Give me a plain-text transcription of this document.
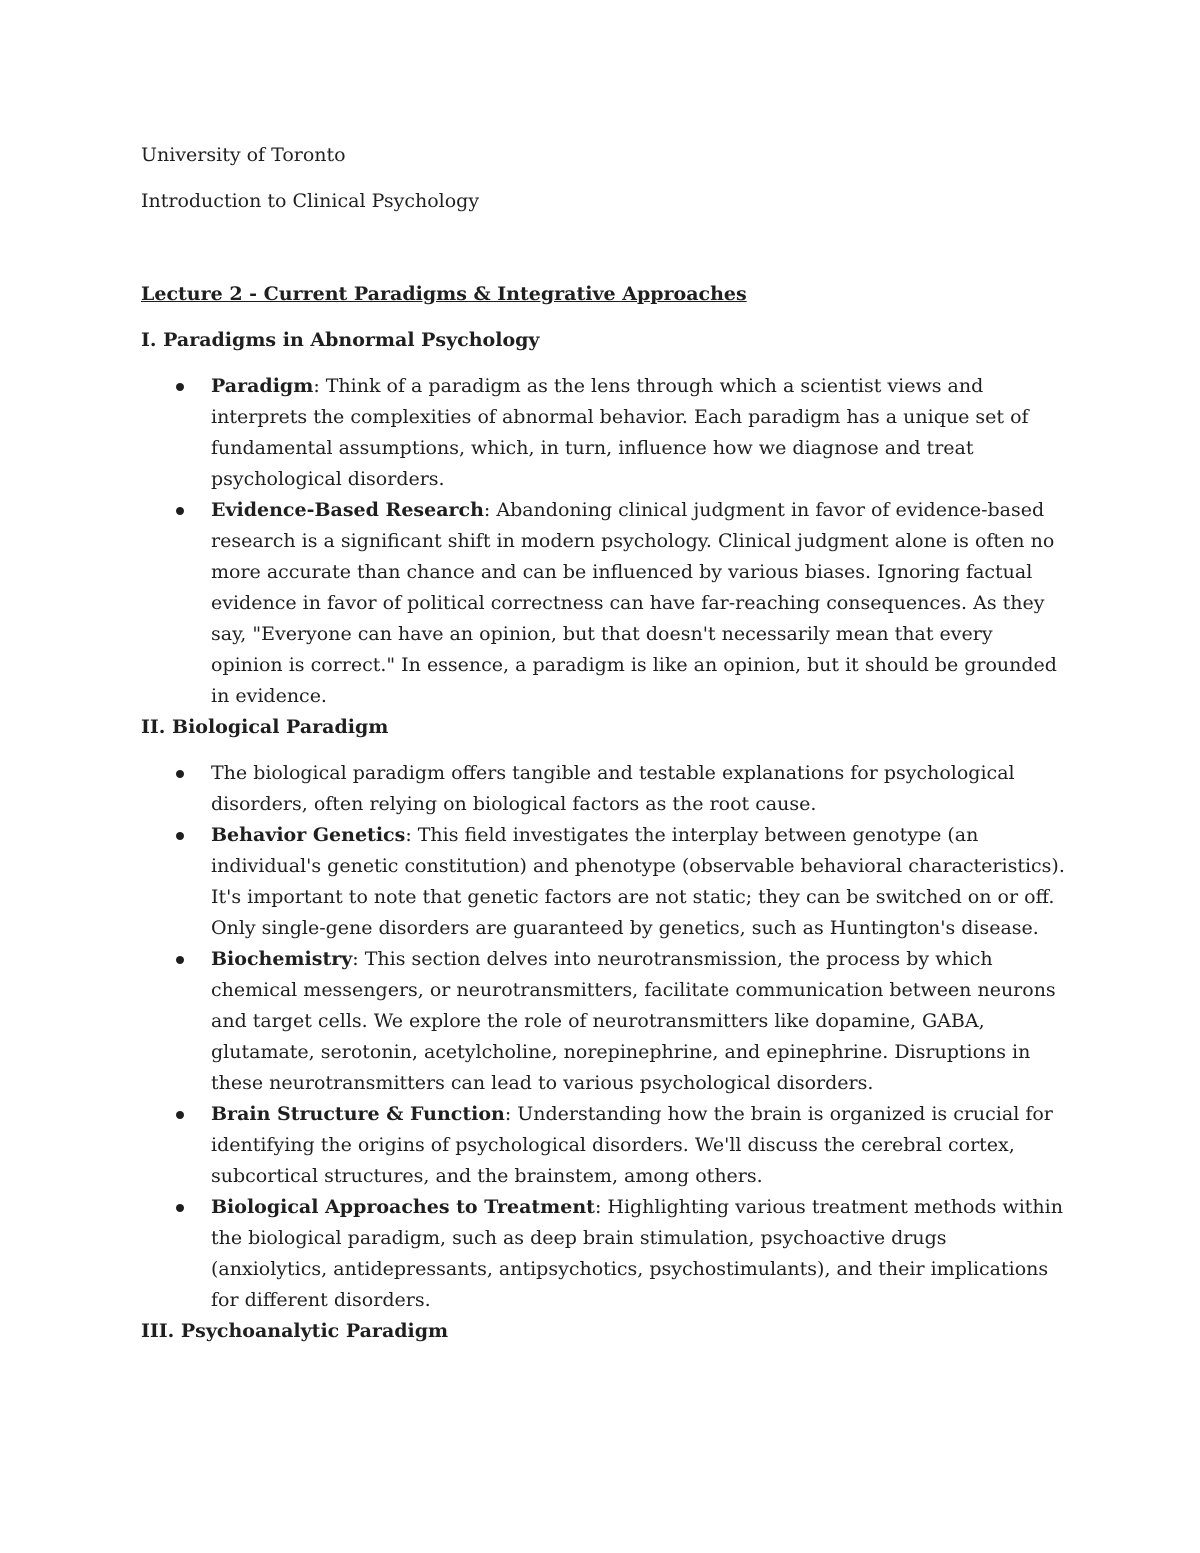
University of Toronto

Introduction to Clinical Psychology

Lecture 2 - Current Paradigms & Integrative Approaches

I. Paradigms in Abnormal Psychology

Paradigm: Think of a paradigm as the lens through which a scientist views and interprets the complexities of abnormal behavior. Each paradigm has a unique set of fundamental assumptions, which, in turn, influence how we diagnose and treat psychological disorders.
Evidence-Based Research: Abandoning clinical judgment in favor of evidence-based research is a significant shift in modern psychology. Clinical judgment alone is often no more accurate than chance and can be influenced by various biases. Ignoring factual evidence in favor of political correctness can have far-reaching consequences. As they say, "Everyone can have an opinion, but that doesn't necessarily mean that every opinion is correct." In essence, a paradigm is like an opinion, but it should be grounded in evidence.

II. Biological Paradigm

The biological paradigm offers tangible and testable explanations for psychological disorders, often relying on biological factors as the root cause.
Behavior Genetics: This field investigates the interplay between genotype (an individual's genetic constitution) and phenotype (observable behavioral characteristics). It's important to note that genetic factors are not static; they can be switched on or off. Only single-gene disorders are guaranteed by genetics, such as Huntington's disease.
Biochemistry: This section delves into neurotransmission, the process by which chemical messengers, or neurotransmitters, facilitate communication between neurons and target cells. We explore the role of neurotransmitters like dopamine, GABA, glutamate, serotonin, acetylcholine, norepinephrine, and epinephrine. Disruptions in these neurotransmitters can lead to various psychological disorders.
Brain Structure & Function: Understanding how the brain is organized is crucial for identifying the origins of psychological disorders. We'll discuss the cerebral cortex, subcortical structures, and the brainstem, among others.
Biological Approaches to Treatment: Highlighting various treatment methods within the biological paradigm, such as deep brain stimulation, psychoactive drugs (anxiolytics, antidepressants, antipsychotics, psychostimulants), and their implications for different disorders.

III. Psychoanalytic Paradigm
